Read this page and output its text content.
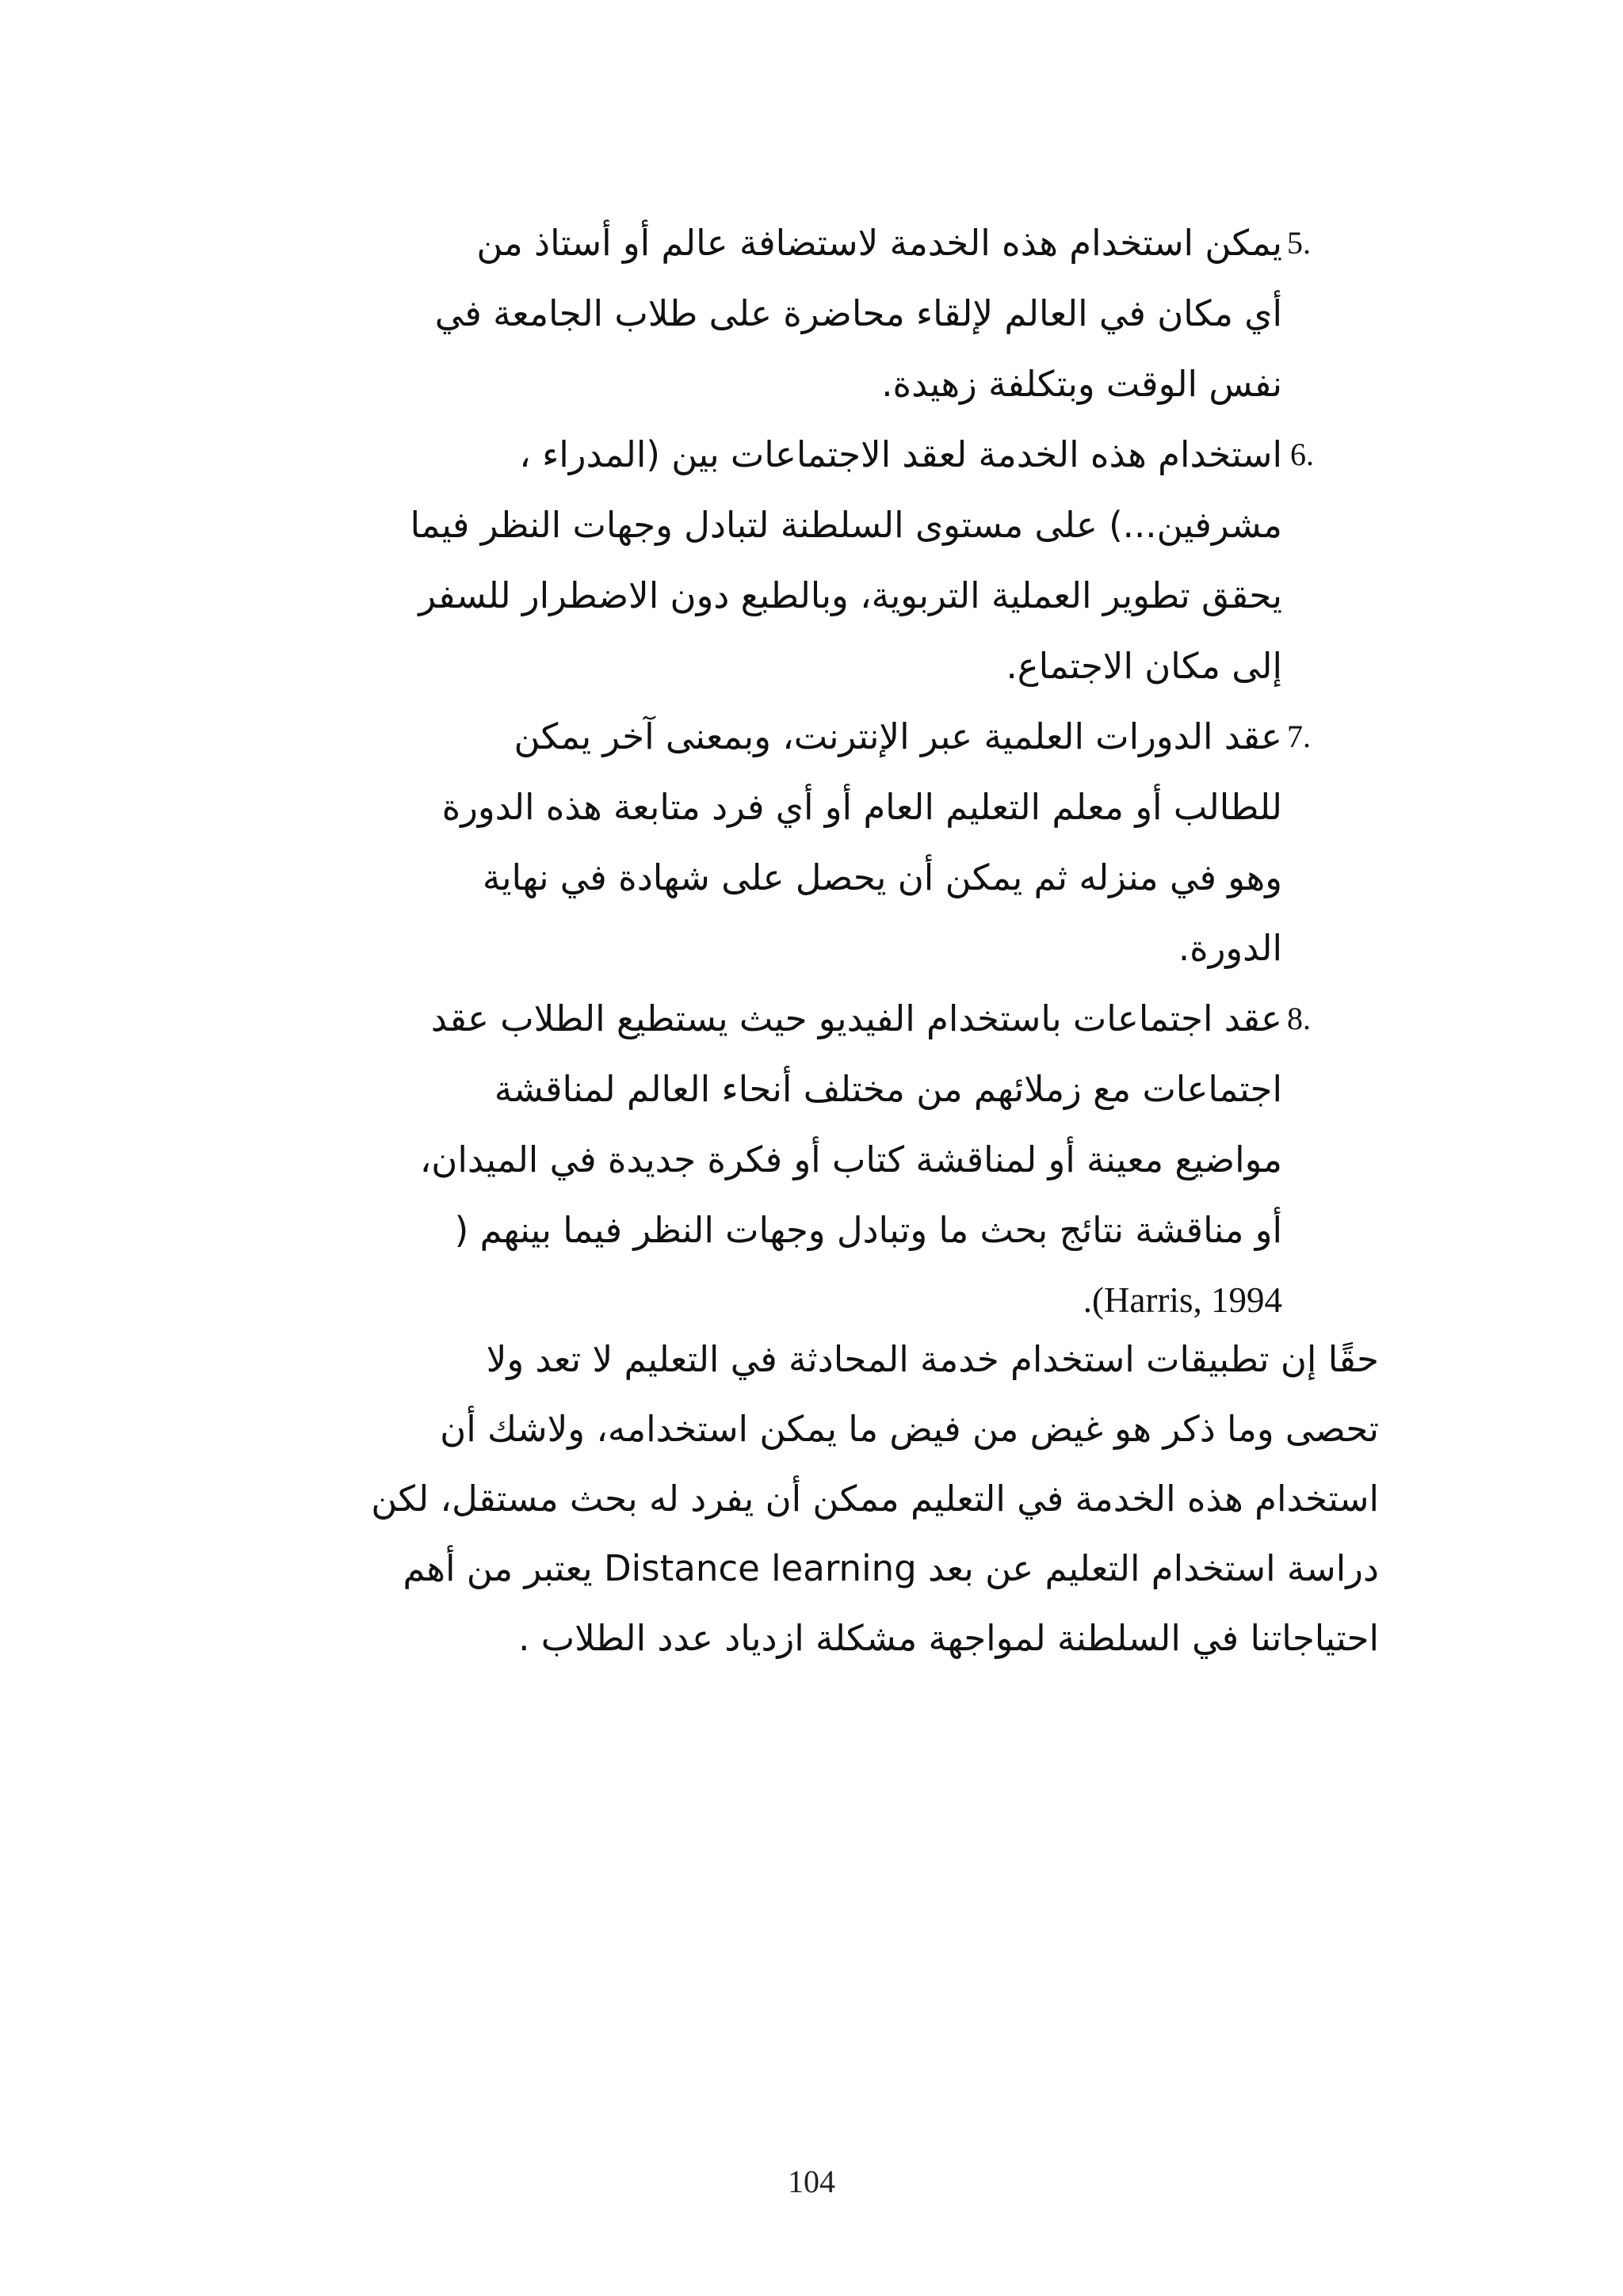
5.
يمكن استخدام هذه الخدمة لاستضافة عالم أو أستاذ من
أي مكان في العالم لإلقاء محاضرة على طلاب الجامعة في
نفس الوقت وبتكلفة زهيدة.
6.
استخدام هذه الخدمة لعقد الاجتماعات بين (المدراء ،
مشرفين...) على مستوى السلطنة لتبادل وجهات النظر فيما
يحقق تطوير العملية التربوية، وبالطبع دون الاضطرار للسفر
إلى مكان الاجتماع.
7.
عقد الدورات العلمية عبر الإنترنت، وبمعنى آخر يمكن
للطالب أو معلم التعليم العام أو أي فرد متابعة هذه الدورة
وهو في منزله ثم يمكن أن يحصل على شهادة في نهاية
الدورة.
8.
عقد اجتماعات باستخدام الفيديو حيث يستطيع الطلاب عقد
اجتماعات مع زملائهم من مختلف أنحاء العالم لمناقشة
مواضيع معينة أو لمناقشة كتاب أو فكرة جديدة في الميدان،
أو مناقشة نتائج بحث ما وتبادل وجهات النظر فيما بينهم (
Harris, 1994).
حقًا إن تطبيقات استخدام خدمة المحادثة في التعليم لا تعد ولا
تحصى وما ذكر هو غيض من فيض ما يمكن استخدامه، ولاشك أن
استخدام هذه الخدمة في التعليم ممكن أن يفرد له بحث مستقل، لكن
دراسة استخدام التعليم عن بعد Distance learning يعتبر من أهم
احتياجاتنا في السلطنة لمواجهة مشكلة ازدياد عدد الطلاب .
104
